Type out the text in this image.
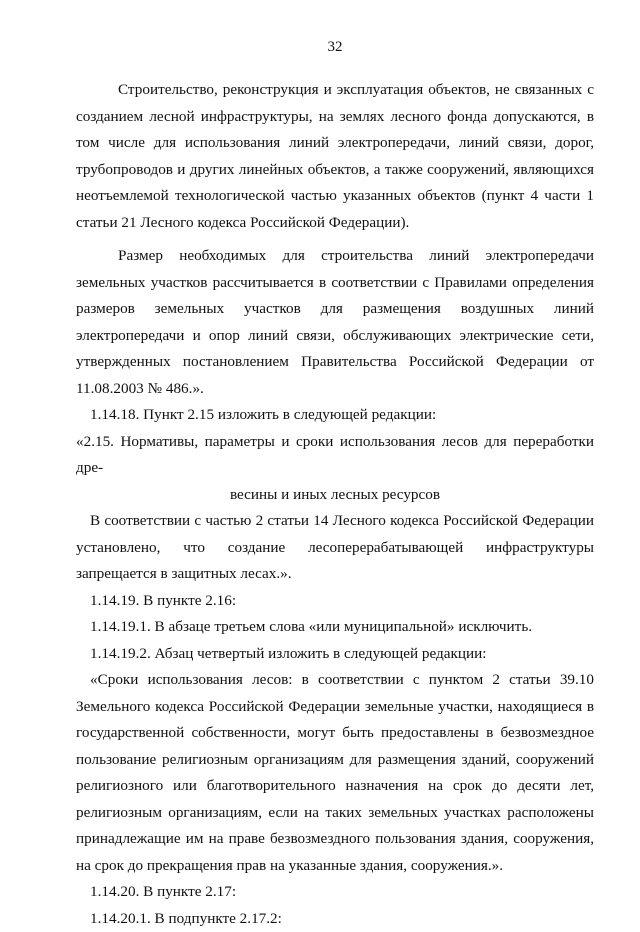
32

Строительство, реконструкция и эксплуатация объектов, не связанных с созданием лесной инфраструктуры, на землях лесного фонда допускаются, в том числе для использования линий электропередачи, линий связи, дорог, трубопроводов и других линейных объектов, а также сооружений, являющихся неотъемлемой технологической частью указанных объектов (пункт 4 части 1 статьи 21 Лесного кодекса Российской Федерации).

Размер необходимых для строительства линий электропередачи земельных участков рассчитывается в соответствии с Правилами определения размеров земельных участков для размещения воздушных линий электропередачи и опор линий связи, обслуживающих электрические сети, утвержденных постановлением Правительства Российской Федерации от 11.08.2003 № 486.».

1.14.18. Пункт 2.15 изложить в следующей редакции:

«2.15. Нормативы, параметры и сроки использования лесов для переработки дре-

весины и иных лесных ресурсов

В соответствии с частью 2 статьи 14 Лесного кодекса Российской Федерации установлено, что создание лесоперерабатывающей инфраструктуры запрещается в защитных лесах.».

1.14.19. В пункте 2.16:

1.14.19.1. В абзаце третьем слова «или муниципальной» исключить.

1.14.19.2. Абзац четвертый изложить в следующей редакции:

«Сроки использования лесов: в соответствии с пунктом 2 статьи 39.10 Земельного кодекса Российской Федерации земельные участки, находящиеся в государственной собственности, могут быть предоставлены в безвозмездное пользование религиозным организациям для размещения зданий, сооружений религиозного или благотворительного назначения на срок до десяти лет, религиозным организациям, если на таких земельных участках расположены принадлежащие им на праве безвозмездного пользования здания, сооружения, на срок до прекращения прав на указанные здания, сооружения.».

1.14.20. В пункте 2.17:

1.14.20.1. В подпункте 2.17.2:
